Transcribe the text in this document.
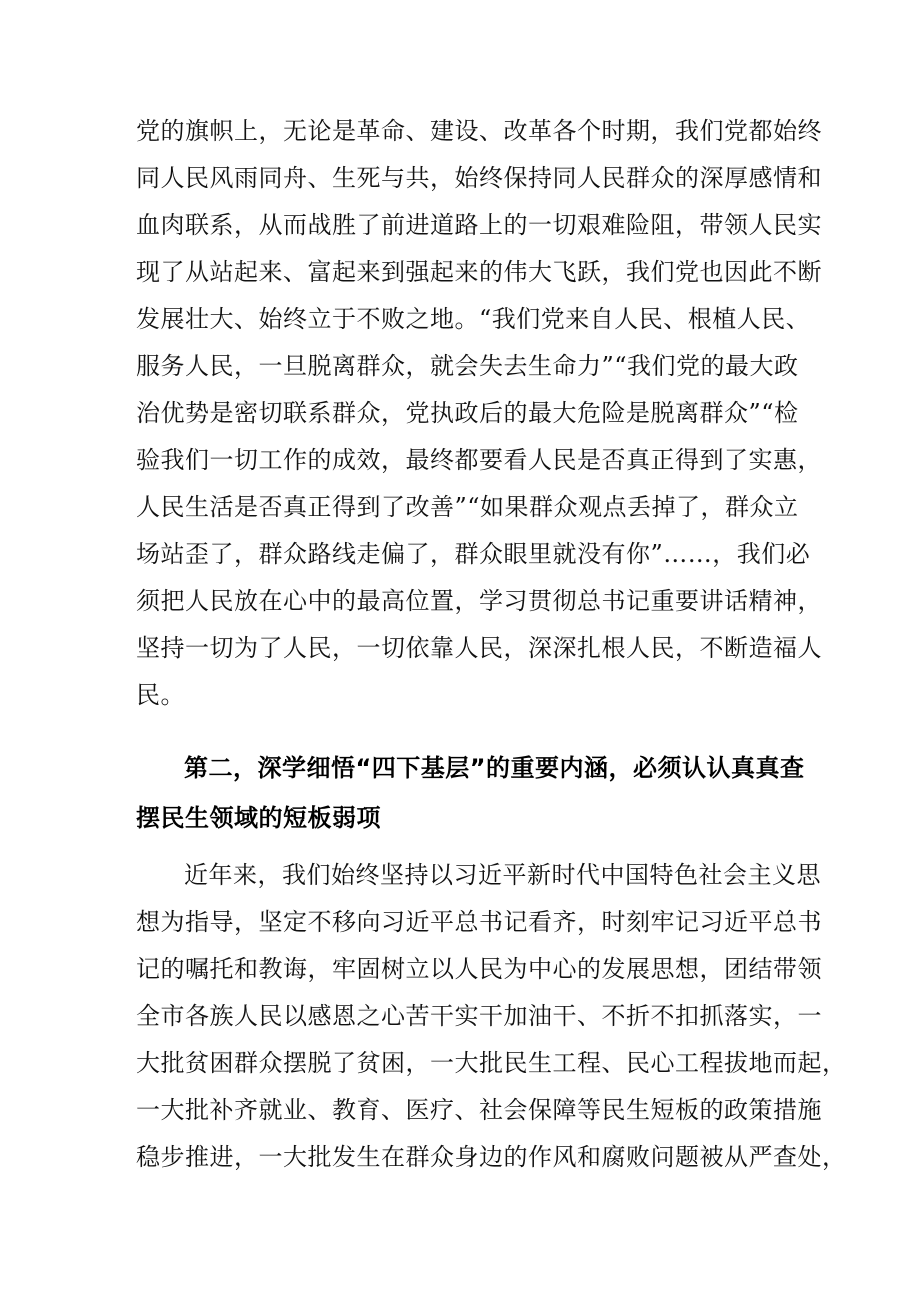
党的旗帜上，无论是革命、建设、改革各个时期，我们党都始终
同人民风雨同舟、生死与共，始终保持同人民群众的深厚感情和
血肉联系，从而战胜了前进道路上的一切艰难险阻，带领人民实
现了从站起来、富起来到强起来的伟大飞跃，我们党也因此不断
发展壮大、始终立于不败之地。“我们党来自人民、根植人民、
服务人民，一旦脱离群众，就会失去生命力”“我们党的最大政
治优势是密切联系群众，党执政后的最大危险是脱离群众”“检
验我们一切工作的成效，最终都要看人民是否真正得到了实惠，
人民生活是否真正得到了改善”“如果群众观点丢掉了，群众立
场站歪了，群众路线走偏了，群众眼里就没有你”……，我们必
须把人民放在心中的最高位置，学习贯彻总书记重要讲话精神，
坚持一切为了人民，一切依靠人民，深深扎根人民，不断造福人
民。
第二，深学细悟“四下基层”的重要内涵，必须认认真真查
摆民生领域的短板弱项
近年来，我们始终坚持以习近平新时代中国特色社会主义思
想为指导，坚定不移向习近平总书记看齐，时刻牢记习近平总书
记的嘱托和教诲，牢固树立以人民为中心的发展思想，团结带领
全市各族人民以感恩之心苦干实干加油干、不折不扣抓落实，一
大批贫困群众摆脱了贫困，一大批民生工程、民心工程拔地而起，
一大批补齐就业、教育、医疗、社会保障等民生短板的政策措施
稳步推进，一大批发生在群众身边的作风和腐败问题被从严查处，
